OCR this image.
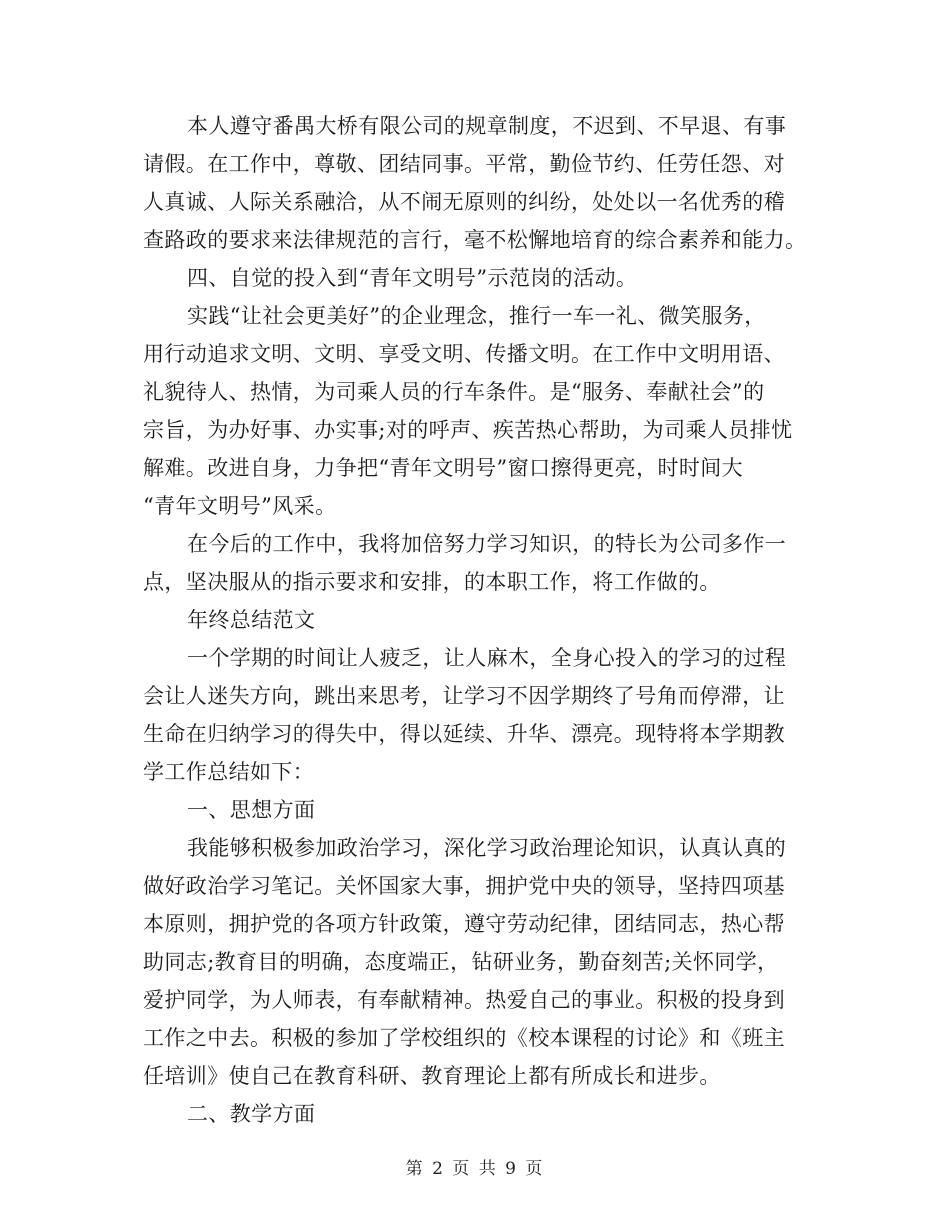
本人遵守番禺大桥有限公司的规章制度，不迟到、不早退、有事
请假。在工作中，尊敬、团结同事。平常，勤俭节约、任劳任怨、对
人真诚、人际关系融洽，从不闹无原则的纠纷，处处以一名优秀的稽
查路政的要求来法律规范的言行，毫不松懈地培育的综合素养和能力。
四、自觉的投入到“青年文明号”示范岗的活动。
实践“让社会更美好”的企业理念，推行一车一礼、微笑服务，
用行动追求文明、文明、享受文明、传播文明。在工作中文明用语、
礼貌待人、热情，为司乘人员的行车条件。是“服务、奉献社会”的
宗旨，为办好事、办实事;对的呼声、疾苦热心帮助，为司乘人员排忧
解难。改进自身，力争把“青年文明号”窗口擦得更亮，时时间大
“青年文明号”风采。
在今后的工作中，我将加倍努力学习知识，的特长为公司多作一
点，坚决服从的指示要求和安排，的本职工作，将工作做的。
年终总结范文
一个学期的时间让人疲乏，让人麻木，全身心投入的学习的过程
会让人迷失方向，跳出来思考，让学习不因学期终了号角而停滞，让
生命在归纳学习的得失中，得以延续、升华、漂亮。现特将本学期教
学工作总结如下：
一、思想方面
我能够积极参加政治学习，深化学习政治理论知识，认真认真的
做好政治学习笔记。关怀国家大事，拥护党中央的领导，坚持四项基
本原则，拥护党的各项方针政策，遵守劳动纪律，团结同志，热心帮
助同志;教育目的明确，态度端正，钻研业务，勤奋刻苦;关怀同学，
爱护同学，为人师表，有奉献精神。热爱自己的事业。积极的投身到
工作之中去。积极的参加了学校组织的《校本课程的讨论》和《班主
任培训》使自己在教育科研、教育理论上都有所成长和进步。
二、教学方面
第 2 页 共 9 页
